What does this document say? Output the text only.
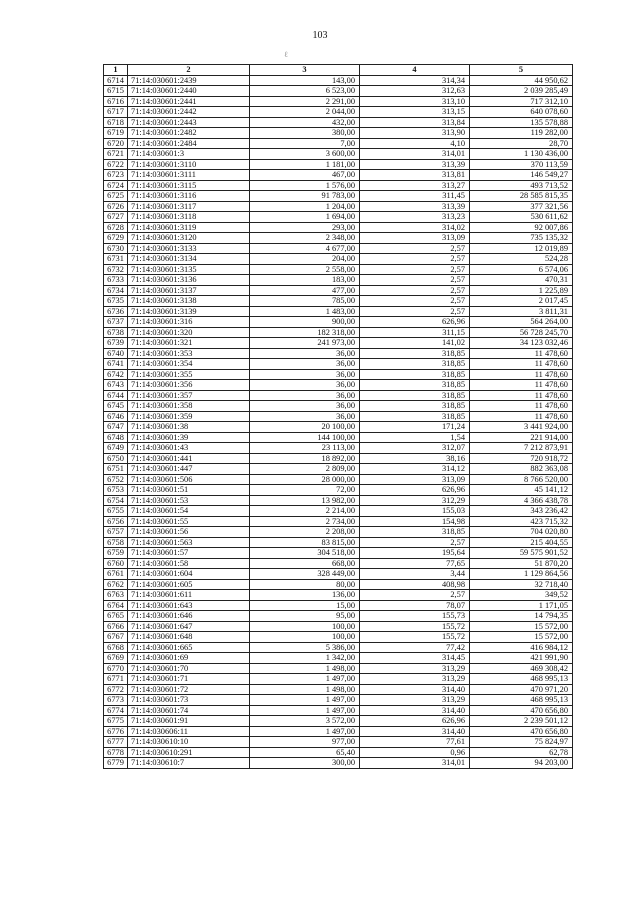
103
ℓ
1	2	3	4	5
6714	71:14:030601:2439	143,00	314,34	44 950,62
6715	71:14:030601:2440	6 523,00	312,63	2 039 285,49
6716	71:14:030601:2441	2 291,00	313,10	717 312,10
6717	71:14:030601:2442	2 044,00	313,15	640 078,60
6718	71:14:030601:2443	432,00	313,84	135 578,88
6719	71:14:030601:2482	380,00	313,90	119 282,00
6720	71:14:030601:2484	7,00	4,10	28,70
6721	71:14:030601:3	3 600,00	314,01	1 130 436,00
6722	71:14:030601:3110	1 181,00	313,39	370 113,59
6723	71:14:030601:3111	467,00	313,81	146 549,27
6724	71:14:030601:3115	1 576,00	313,27	493 713,52
6725	71:14:030601:3116	91 783,00	311,45	28 585 815,35
6726	71:14:030601:3117	1 204,00	313,39	377 321,56
6727	71:14:030601:3118	1 694,00	313,23	530 611,62
6728	71:14:030601:3119	293,00	314,02	92 007,86
6729	71:14:030601:3120	2 348,00	313,09	735 135,32
6730	71:14:030601:3133	4 677,00	2,57	12 019,89
6731	71:14:030601:3134	204,00	2,57	524,28
6732	71:14:030601:3135	2 558,00	2,57	6 574,06
6733	71:14:030601:3136	183,00	2,57	470,31
6734	71:14:030601:3137	477,00	2,57	1 225,89
6735	71:14:030601:3138	785,00	2,57	2 017,45
6736	71:14:030601:3139	1 483,00	2,57	3 811,31
6737	71:14:030601:316	900,00	626,96	564 264,00
6738	71:14:030601:320	182 318,00	311,15	56 728 245,70
6739	71:14:030601:321	241 973,00	141,02	34 123 032,46
6740	71:14:030601:353	36,00	318,85	11 478,60
6741	71:14:030601:354	36,00	318,85	11 478,60
6742	71:14:030601:355	36,00	318,85	11 478,60
6743	71:14:030601:356	36,00	318,85	11 478,60
6744	71:14:030601:357	36,00	318,85	11 478,60
6745	71:14:030601:358	36,00	318,85	11 478,60
6746	71:14:030601:359	36,00	318,85	11 478,60
6747	71:14:030601:38	20 100,00	171,24	3 441 924,00
6748	71:14:030601:39	144 100,00	1,54	221 914,00
6749	71:14:030601:43	23 113,00	312,07	7 212 873,91
6750	71:14:030601:441	18 892,00	38,16	720 918,72
6751	71:14:030601:447	2 809,00	314,12	882 363,08
6752	71:14:030601:506	28 000,00	313,09	8 766 520,00
6753	71:14:030601:51	72,00	626,96	45 141,12
6754	71:14:030601:53	13 982,00	312,29	4 366 438,78
6755	71:14:030601:54	2 214,00	155,03	343 236,42
6756	71:14:030601:55	2 734,00	154,98	423 715,32
6757	71:14:030601:56	2 208,00	318,85	704 020,80
6758	71:14:030601:563	83 815,00	2,57	215 404,55
6759	71:14:030601:57	304 518,00	195,64	59 575 901,52
6760	71:14:030601:58	668,00	77,65	51 870,20
6761	71:14:030601:604	328 449,00	3,44	1 129 864,56
6762	71:14:030601:605	80,00	408,98	32 718,40
6763	71:14:030601:611	136,00	2,57	349,52
6764	71:14:030601:643	15,00	78,07	1 171,05
6765	71:14:030601:646	95,00	155,73	14 794,35
6766	71:14:030601:647	100,00	155,72	15 572,00
6767	71:14:030601:648	100,00	155,72	15 572,00
6768	71:14:030601:665	5 386,00	77,42	416 984,12
6769	71:14:030601:69	1 342,00	314,45	421 991,90
6770	71:14:030601:70	1 498,00	313,29	469 308,42
6771	71:14:030601:71	1 497,00	313,29	468 995,13
6772	71:14:030601:72	1 498,00	314,40	470 971,20
6773	71:14:030601:73	1 497,00	313,29	468 995,13
6774	71:14:030601:74	1 497,00	314,40	470 656,80
6775	71:14:030601:91	3 572,00	626,96	2 239 501,12
6776	71:14:030606:11	1 497,00	314,40	470 656,80
6777	71:14:030610:10	977,00	77,61	75 824,97
6778	71:14:030610:291	65,40	0,96	62,78
6779	71:14:030610:7	300,00	314,01	94 203,00
